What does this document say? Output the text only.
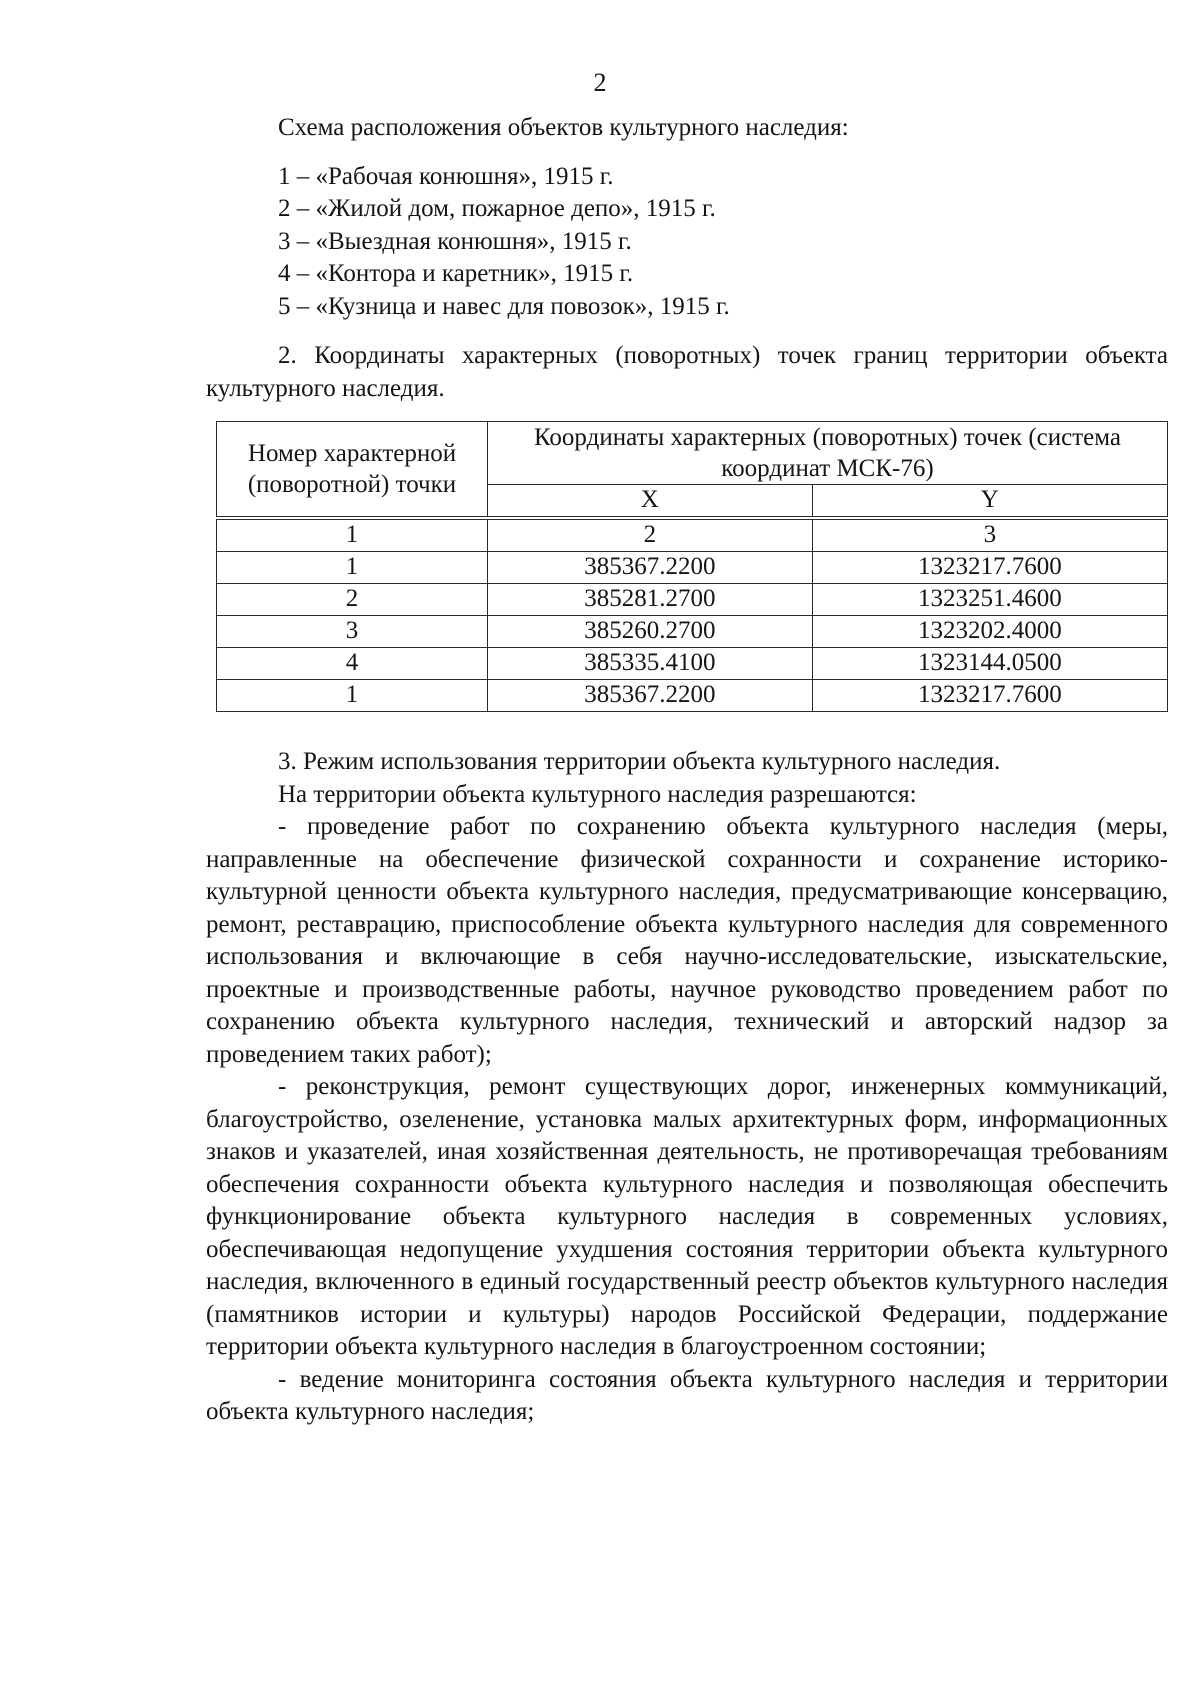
2

Схема расположения объектов культурного наследия:

1 – «Рабочая конюшня», 1915 г.
2 – «Жилой дом, пожарное депо», 1915 г.
3 – «Выездная конюшня», 1915 г.
4 – «Контора и каретник», 1915 г.
5 – «Кузница и навес для повозок», 1915 г.

2. Координаты характерных (поворотных) точек границ территории объекта культурного наследия.

Номер характерной (поворотной) точки	Координаты характерных (поворотных) точек (система координат МСК-76)	
	X	Y
1	2	3
1	385367.2200	1323217.7600
2	385281.2700	1323251.4600
3	385260.2700	1323202.4000
4	385335.4100	1323144.0500
1	385367.2200	1323217.7600

3. Режим использования территории объекта культурного наследия.

На территории объекта культурного наследия разрешаются:

- проведение работ по сохранению объекта культурного наследия (меры, направленные на обеспечение физической сохранности и сохранение историко-культурной ценности объекта культурного наследия, предусматривающие консервацию, ремонт, реставрацию, приспособление объекта культурного наследия для современного использования и включающие в себя научно-исследовательские, изыскательские, проектные и производственные работы, научное руководство проведением работ по сохранению объекта культурного наследия, технический и авторский надзор за проведением таких работ);

- реконструкция, ремонт существующих дорог, инженерных коммуникаций, благоустройство, озеленение, установка малых архитектурных форм, информационных знаков и указателей, иная хозяйственная деятельность, не противоречащая требованиям обеспечения сохранности объекта культурного наследия и позволяющая обеспечить функционирование объекта культурного наследия в современных условиях, обеспечивающая недопущение ухудшения состояния территории объекта культурного наследия, включенного в единый государственный реестр объектов культурного наследия (памятников истории и культуры) народов Российской Федерации, поддержание территории объекта культурного наследия в благоустроенном состоянии;

- ведение мониторинга состояния объекта культурного наследия и территории объекта культурного наследия;
